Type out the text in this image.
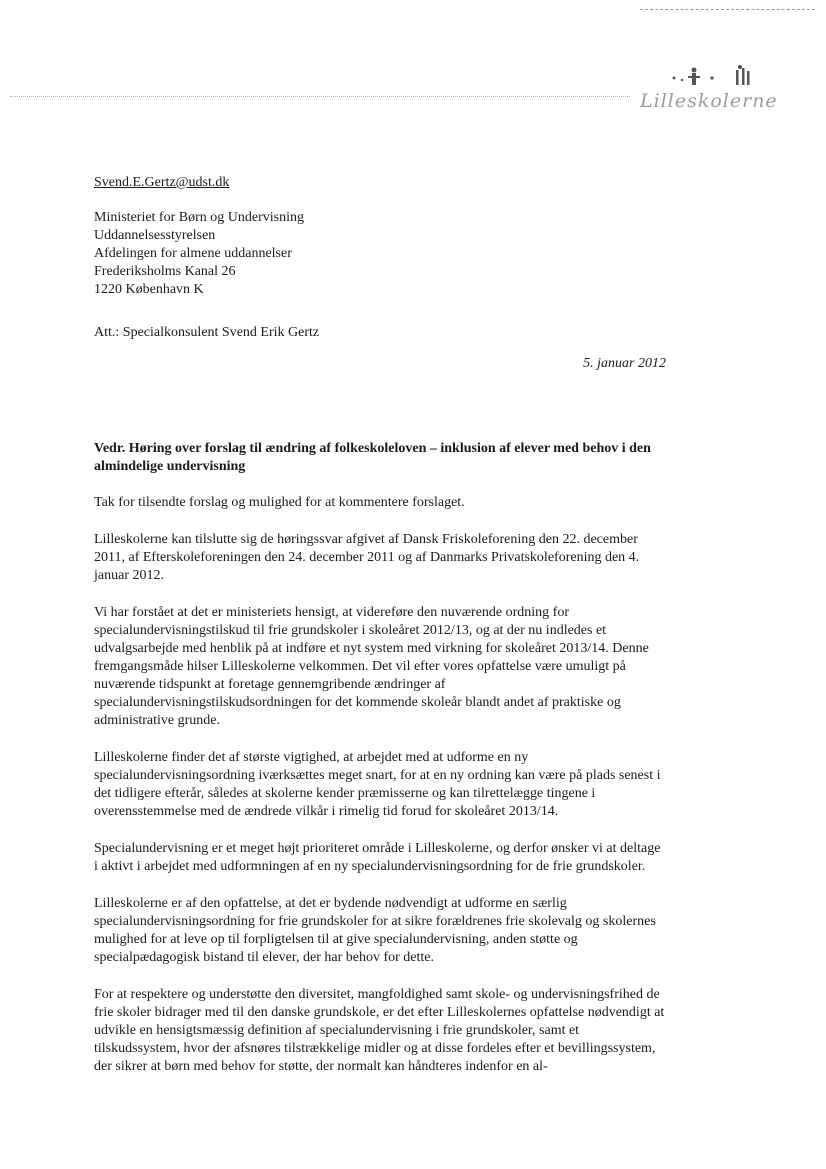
Lilleskolerne
Svend.E.Gertz@udst.dk
Ministeriet for Børn og Undervisning
Uddannelsesstyrelsen
Afdelingen for almene uddannelser
Frederiksholms Kanal 26
1220 København K
Att.: Specialkonsulent Svend Erik Gertz
5. januar 2012
Vedr. Høring over forslag til ændring af folkeskoleloven – inklusion af elever med behov i den almindelige undervisning

Tak for tilsendte forslag og mulighed for at kommentere forslaget.

Lilleskolerne kan tilslutte sig de høringssvar afgivet af Dansk Friskoleforening den 22. december 2011, af Efterskoleforeningen den 24. december 2011 og af Danmarks Privatskoleforening den 4. januar 2012.

Vi har forstået at det er ministeriets hensigt, at videreføre den nuværende ordning for specialundervisningstilskud til frie grundskoler i skoleåret 2012/13, og at der nu indledes et udvalgsarbejde med henblik på at indføre et nyt system med virkning for skoleåret 2013/14. Denne fremgangsmåde hilser Lilleskolerne velkommen. Det vil efter vores opfattelse være umuligt på nuværende tidspunkt at foretage gennemgribende ændringer af specialundervisningstilskudsordningen for det kommende skoleår blandt andet af praktiske og administrative grunde.

Lilleskolerne finder det af største vigtighed, at arbejdet med at udforme en ny specialundervisningsordning iværksættes meget snart, for at en ny ordning kan være på plads senest i det tidligere efterår, således at skolerne kender præmisserne og kan tilrettelægge tingene i overensstemmelse med de ændrede vilkår i rimelig tid forud for skoleåret 2013/14.

Specialundervisning er et meget højt prioriteret område i Lilleskolerne, og derfor ønsker vi at deltage i aktivt i arbejdet med udformningen af en ny specialundervisningsordning for de frie grundskoler.

Lilleskolerne er af den opfattelse, at det er bydende nødvendigt at udforme en særlig specialundervisningsordning for frie grundskoler for at sikre forældrenes frie skolevalg og skolernes mulighed for at leve op til forpligtelsen til at give specialundervisning, anden støtte og specialpædagogisk bistand til elever, der har behov for dette.

For at respektere og understøtte den diversitet, mangfoldighed samt skole- og undervisningsfrihed de frie skoler bidrager med til den danske grundskole, er det efter Lilleskolernes opfattelse nødvendigt at udvikle en hensigtsmæssig definition af specialundervisning i frie grundskoler, samt et tilskudssystem, hvor der afsnøres tilstrækkelige midler og at disse fordeles efter et bevillingssystem, der sikrer at børn med behov for støtte, der normalt kan håndteres indenfor en al-
